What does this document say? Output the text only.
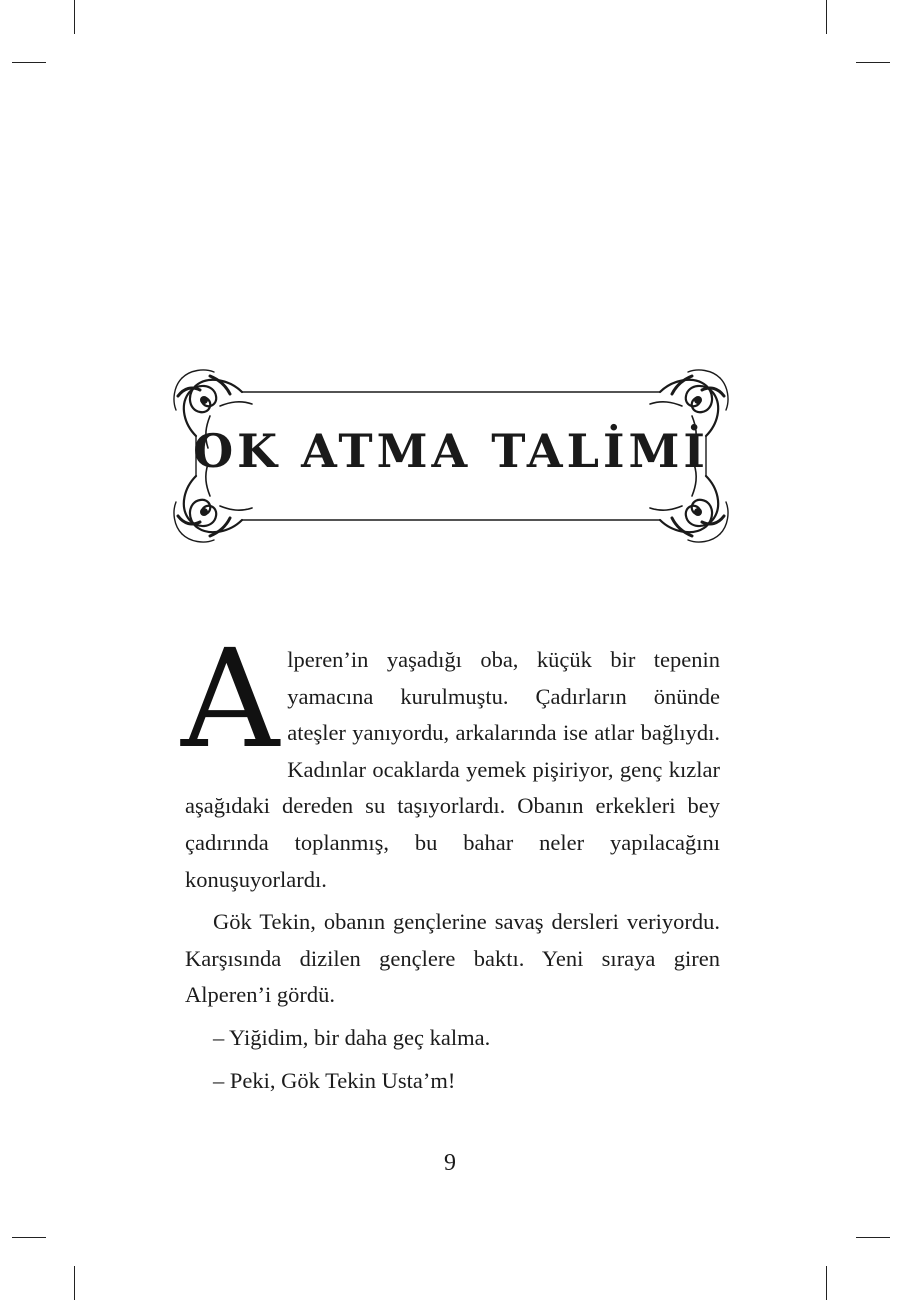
OK ATMA TALİMİ

Alperen’in yaşadığı oba, küçük bir tepenin yamacına kurulmuştu. Çadırların önünde ateşler yanıyordu, arkalarında ise atlar bağlıydı. Kadınlar ocaklarda yemek pişiriyor, genç kızlar aşağıdaki dereden su taşıyorlardı. Obanın erkekleri bey çadırında toplanmış, bu bahar neler yapılacağını konuşuyorlardı.

Gök Tekin, obanın gençlerine savaş dersleri veriyordu. Karşısında dizilen gençlere baktı. Yeni sıraya giren Alperen’i gördü.

– Yiğidim, bir daha geç kalma.

– Peki, Gök Tekin Usta’m!

9
